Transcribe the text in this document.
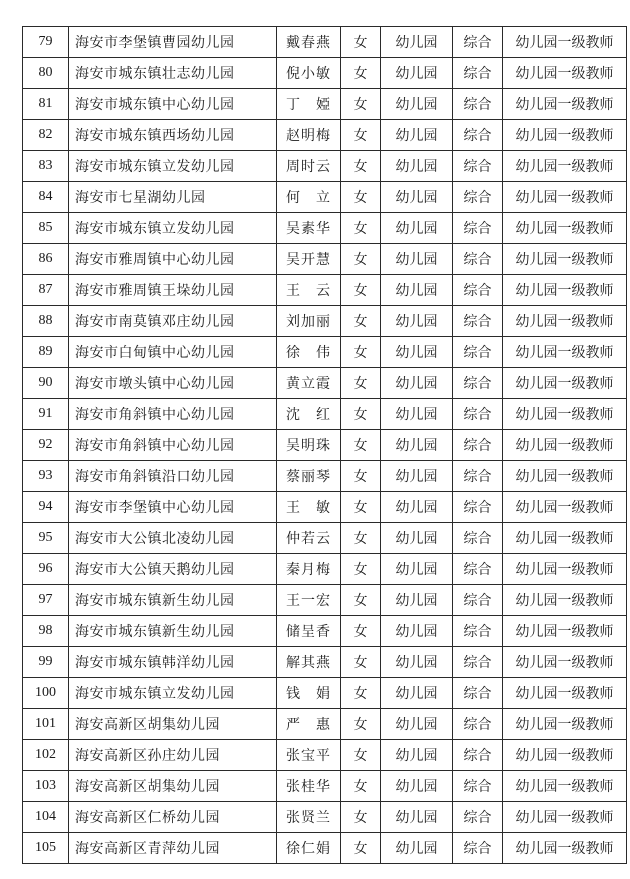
79	海安市李堡镇曹园幼儿园	戴春燕	女	幼儿园	综合	幼儿园一级教师
80	海安市城东镇壮志幼儿园	倪小敏	女	幼儿园	综合	幼儿园一级教师
81	海安市城东镇中心幼儿园	丁　婭	女	幼儿园	综合	幼儿园一级教师
82	海安市城东镇西场幼儿园	赵明梅	女	幼儿园	综合	幼儿园一级教师
83	海安市城东镇立发幼儿园	周时云	女	幼儿园	综合	幼儿园一级教师
84	海安市七星湖幼儿园	何　立	女	幼儿园	综合	幼儿园一级教师
85	海安市城东镇立发幼儿园	吴素华	女	幼儿园	综合	幼儿园一级教师
86	海安市雅周镇中心幼儿园	吴开慧	女	幼儿园	综合	幼儿园一级教师
87	海安市雅周镇王垛幼儿园	王　云	女	幼儿园	综合	幼儿园一级教师
88	海安市南莫镇邓庄幼儿园	刘加丽	女	幼儿园	综合	幼儿园一级教师
89	海安市白甸镇中心幼儿园	徐　伟	女	幼儿园	综合	幼儿园一级教师
90	海安市墩头镇中心幼儿园	黄立霞	女	幼儿园	综合	幼儿园一级教师
91	海安市角斜镇中心幼儿园	沈　红	女	幼儿园	综合	幼儿园一级教师
92	海安市角斜镇中心幼儿园	吴明珠	女	幼儿园	综合	幼儿园一级教师
93	海安市角斜镇沿口幼儿园	蔡丽琴	女	幼儿园	综合	幼儿园一级教师
94	海安市李堡镇中心幼儿园	王　敏	女	幼儿园	综合	幼儿园一级教师
95	海安市大公镇北凌幼儿园	仲若云	女	幼儿园	综合	幼儿园一级教师
96	海安市大公镇天鹅幼儿园	秦月梅	女	幼儿园	综合	幼儿园一级教师
97	海安市城东镇新生幼儿园	王一宏	女	幼儿园	综合	幼儿园一级教师
98	海安市城东镇新生幼儿园	储呈香	女	幼儿园	综合	幼儿园一级教师
99	海安市城东镇韩洋幼儿园	解其燕	女	幼儿园	综合	幼儿园一级教师
100	海安市城东镇立发幼儿园	钱　娟	女	幼儿园	综合	幼儿园一级教师
101	海安高新区胡集幼儿园	严　惠	女	幼儿园	综合	幼儿园一级教师
102	海安高新区孙庄幼儿园	张宝平	女	幼儿园	综合	幼儿园一级教师
103	海安高新区胡集幼儿园	张桂华	女	幼儿园	综合	幼儿园一级教师
104	海安高新区仁桥幼儿园	张贤兰	女	幼儿园	综合	幼儿园一级教师
105	海安高新区青萍幼儿园	徐仁娟	女	幼儿园	综合	幼儿园一级教师
